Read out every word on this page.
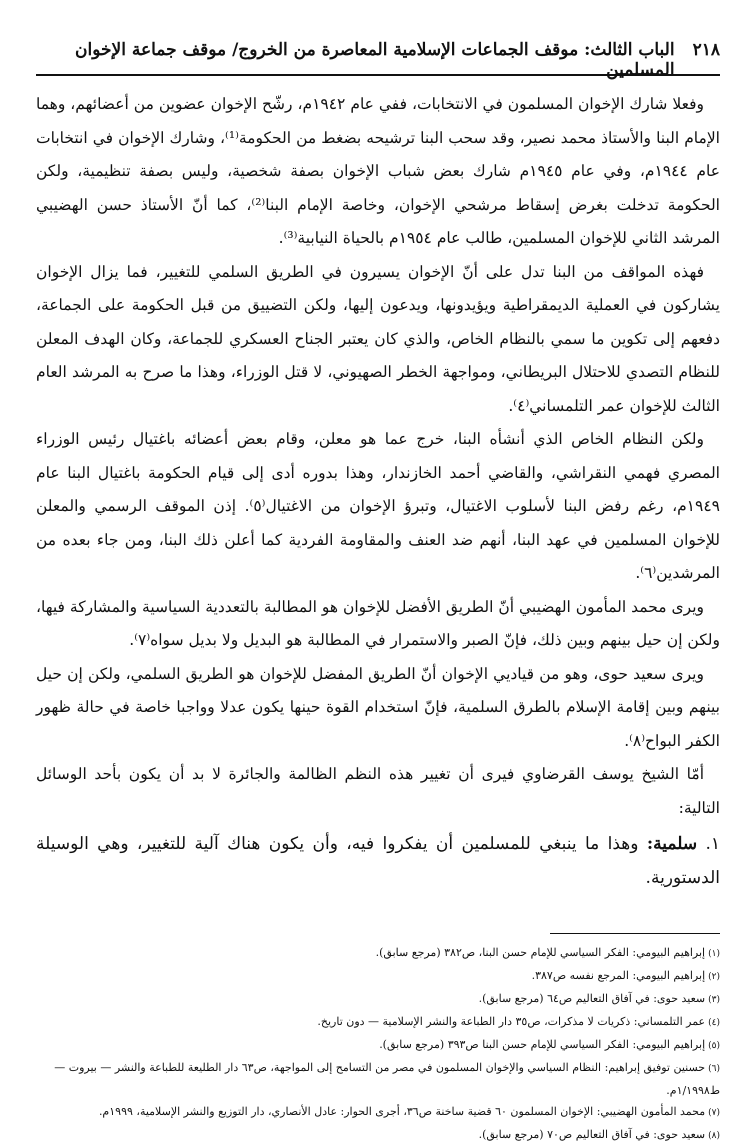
٢١٨
الباب الثالث: موقف الجماعات الإسلامية المعاصرة من الخروج/ موقف جماعة الإخوان المسلمين

وفعلا شارك الإخوان المسلمون في الانتخابات، ففي عام ١٩٤٢م، رشّح الإخوان عضوين من أعضائهم، وهما الإمام البنا والأستاذ محمد نصير، وقد سحب البنا ترشيحه بضغط من الحكومة⁽¹⁾، وشارك الإخوان في انتخابات عام ١٩٤٤م، وفي عام ١٩٤٥م شارك بعض شباب الإخوان بصفة شخصية، وليس بصفة تنظيمية، ولكن الحكومة تدخلت بغرض إسقاط مرشحي الإخوان، وخاصة الإمام البنا⁽²⁾، كما أنّ الأستاذ حسن الهضيبي المرشد الثاني للإخوان المسلمين، طالب عام ١٩٥٤م بالحياة النيابية⁽³⁾.

فهذه المواقف من البنا تدل على أنّ الإخوان يسيرون في الطريق السلمي للتغيير، فما يزال الإخوان يشاركون في العملية الديمقراطية ويؤيدونها، ويدعون إليها، ولكن التضييق من قبل الحكومة على الجماعة، دفعهم إلى تكوين ما سمي بالنظام الخاص، والذي كان يعتبر الجناح العسكري للجماعة، وكان الهدف المعلن للنظام التصدي للاحتلال البريطاني، ومواجهة الخطر الصهيوني، لا قتل الوزراء، وهذا ما صرح به المرشد العام الثالث للإخوان عمر التلمساني⁽٤⁾.

ولكن النظام الخاص الذي أنشأه البنا، خرج عما هو معلن، وقام بعض أعضائه باغتيال رئيس الوزراء المصري فهمي النقراشي، والقاضي أحمد الخازندار، وهذا بدوره أدى إلى قيام الحكومة باغتيال البنا عام ١٩٤٩م، رغم رفض البنا لأسلوب الاغتيال، وتبرؤ الإخوان من الاغتيال⁽٥⁾. إذن الموقف الرسمي والمعلن للإخوان المسلمين في عهد البنا، أنهم ضد العنف والمقاومة الفردية كما أعلن ذلك البنا، ومن جاء بعده من المرشدين⁽٦⁾.

ويرى محمد المأمون الهضيبي أنّ الطريق الأفضل للإخوان هو المطالبة بالتعددية السياسية والمشاركة فيها، ولكن إن حيل بينهم وبين ذلك، فإنّ الصبر والاستمرار في المطالبة هو البديل ولا بديل سواه⁽٧⁾.

ويرى سعيد حوى، وهو من قياديي الإخوان أنّ الطريق المفضل للإخوان هو الطريق السلمي، ولكن إن حيل بينهم وبين إقامة الإسلام بالطرق السلمية، فإنّ استخدام القوة حينها يكون عدلا وواجبا خاصة في حالة ظهور الكفر البواح⁽٨⁾.

أمّا الشيخ يوسف القرضاوي فيرى أن تغيير هذه النظم الظالمة والجائرة لا بد أن يكون بأحد الوسائل التالية:

١. سلمية: وهذا ما ينبغي للمسلمين أن يفكروا فيه، وأن يكون هناك آلية للتغيير، وهي الوسيلة الدستورية.

(١)إبراهيم البيومي: الفكر السياسي للإمام حسن البنا، ص٣٨٢ (مرجع سابق).

(٢)إبراهيم البيومي: المرجع نفسه ص٣٨٧.

(٣)سعيد حوى: في آفاق التعاليم ص٦٤ (مرجع سابق).

(٤)عمر التلمساني: ذكريات لا مذكرات، ص٣٥ دار الطباعة والنشر الإسلامية — دون تاريخ.

(٥)إبراهيم البيومي: الفكر السياسي للإمام حسن البنا ص٣٩٣ (مرجع سابق).

(٦)حسنين توفيق إبراهيم: النظام السياسي والإخوان المسلمون في مصر من التسامح إلى المواجهة، ص٦٣ دار الطليعة للطباعة والنشر — بيروت — ط١/١٩٩٨م.

(٧)محمد المأمون الهضيبي: الإخوان المسلمون ٦٠ قضية ساخنة ص٣٦، أجرى الحوار: عادل الأنصاري، دار التوزيع والنشر الإسلامية، ١٩٩٩م.

(٨)سعيد حوى: في آفاق التعاليم ص٧٠ (مرجع سابق).
